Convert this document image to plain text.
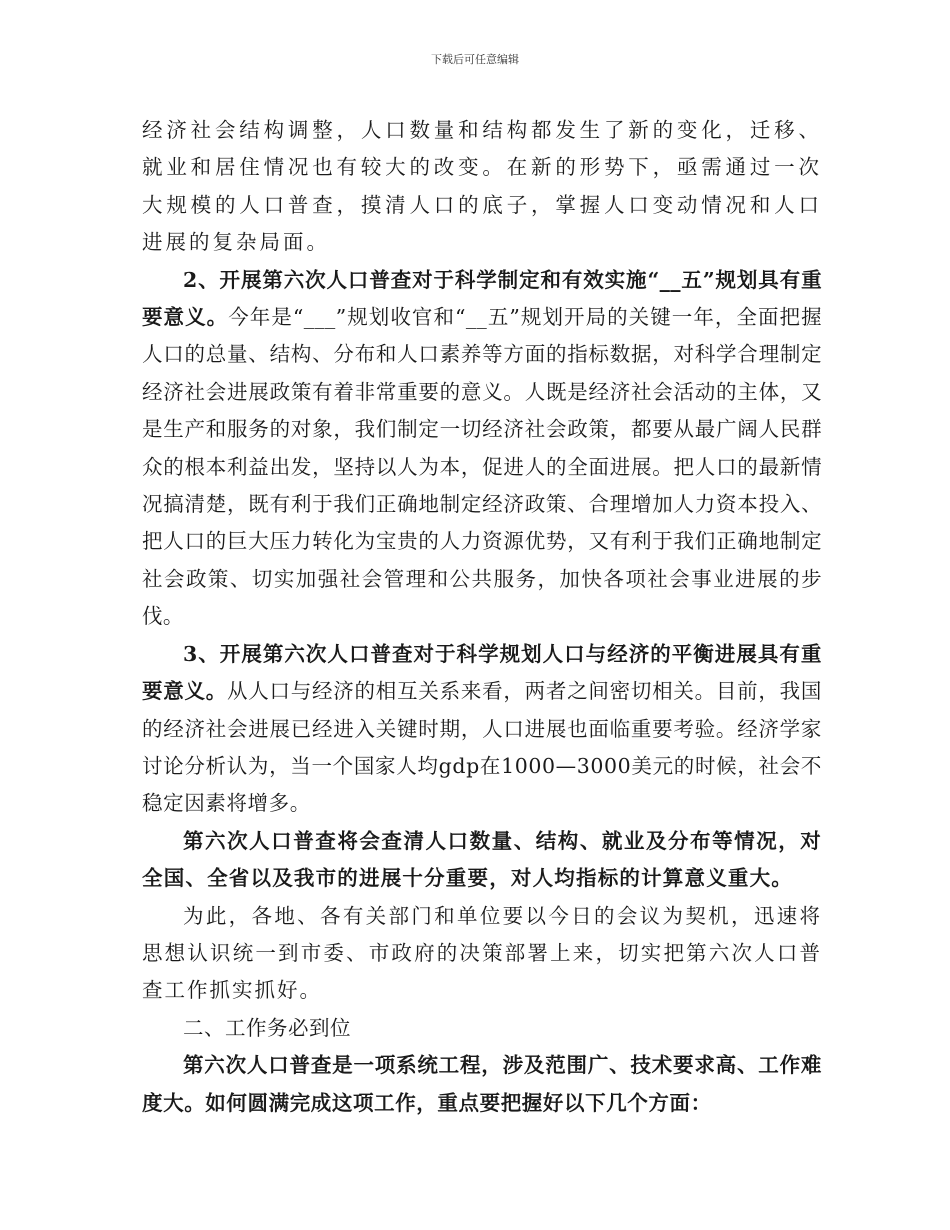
下载后可任意编辑

经济社会结构调整，人口数量和结构都发生了新的变化，迁移、就业和居住情况也有较大的改变。在新的形势下，亟需通过一次大规模的人口普查，摸清人口的底子，掌握人口变动情况和人口进展的复杂局面。

2、开展第六次人口普查对于科学制定和有效实施“__五”规划具有重要意义。今年是“___”规划收官和“__五”规划开局的关键一年，全面把握人口的总量、结构、分布和人口素养等方面的指标数据，对科学合理制定经济社会进展政策有着非常重要的意义。人既是经济社会活动的主体，又是生产和服务的对象，我们制定一切经济社会政策，都要从最广阔人民群众的根本利益出发，坚持以人为本，促进人的全面进展。把人口的最新情况搞清楚，既有利于我们正确地制定经济政策、合理增加人力资本投入、把人口的巨大压力转化为宝贵的人力资源优势，又有利于我们正确地制定社会政策、切实加强社会管理和公共服务，加快各项社会事业进展的步伐。

3、开展第六次人口普查对于科学规划人口与经济的平衡进展具有重要意义。从人口与经济的相互关系来看，两者之间密切相关。目前，我国的经济社会进展已经进入关键时期，人口进展也面临重要考验。经济学家讨论分析认为，当一个国家人均gdp在1000—3000美元的时候，社会不稳定因素将增多。

第六次人口普查将会查清人口数量、结构、就业及分布等情况，对全国、全省以及我市的进展十分重要，对人均指标的计算意义重大。

为此，各地、各有关部门和单位要以今日的会议为契机，迅速将思想认识统一到市委、市政府的决策部署上来，切实把第六次人口普查工作抓实抓好。

二、工作务必到位

第六次人口普查是一项系统工程，涉及范围广、技术要求高、工作难度大。如何圆满完成这项工作，重点要把握好以下几个方面：
